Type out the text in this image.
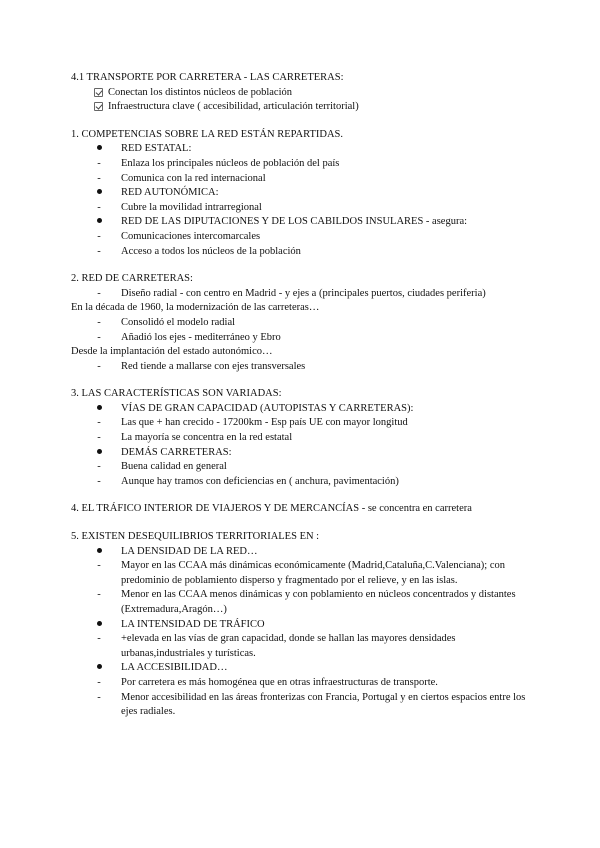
4.1 TRANSPORTE POR CARRETERA - LAS CARRETERAS:

Conectan los distintos núcleos de población
Infraestructura clave ( accesibilidad, articulación territorial)

1. COMPETENCIAS SOBRE LA RED ESTÁN REPARTIDAS.

RED ESTATAL:
-	Enlaza los principales núcleos de población del país
-	Comunica con la red internacional
RED AUTONÓMICA:
-	Cubre la movilidad intrarregional
RED DE LAS DIPUTACIONES Y DE LOS CABILDOS INSULARES - asegura:
-	Comunicaciones intercomarcales
-	Acceso a todos los núcleos de la población

2. RED DE CARRETERAS:

-	Diseño radial - con centro en Madrid - y ejes a (principales puertos, ciudades periferia)

En la década de 1960, la modernización de las carreteras…

-	Consolidó el modelo radial
-	Añadió los ejes - mediterráneo y Ebro

Desde la implantación del estado autonómico…

-	Red tiende a mallarse con ejes transversales

3. LAS CARACTERÍSTICAS SON VARIADAS:

VÍAS DE GRAN CAPACIDAD (AUTOPISTAS Y CARRETERAS):
-	Las que + han crecido - 17200km - Esp país UE con mayor longitud
-	La mayoría se concentra en la red estatal
DEMÁS CARRETERAS:
-	Buena calidad en general
-	Aunque hay tramos con deficiencias en ( anchura, pavimentación)

4. EL TRÁFICO INTERIOR DE VIAJEROS Y DE MERCANCÍAS - se concentra en carretera

5. EXISTEN DESEQUILIBRIOS TERRITORIALES EN :

LA DENSIDAD DE LA RED…
-	Mayor en las CCAA más dinámicas económicamente (Madrid,Cataluña,C.Valenciana); con predominio de poblamiento disperso y fragmentado por el relieve, y en las islas.
-	Menor en las CCAA menos dinámicas y con poblamiento en núcleos concentrados y distantes (Extremadura,Aragón…)
LA INTENSIDAD DE TRÁFICO
-	+elevada en las vías de gran capacidad, donde se hallan las mayores densidades urbanas,industriales y turísticas.
LA ACCESIBILIDAD…
-	Por carretera es más homogénea que en otras infraestructuras de transporte.
-	Menor accesibilidad en las áreas fronterizas con Francia, Portugal y en ciertos espacios entre los ejes radiales.
